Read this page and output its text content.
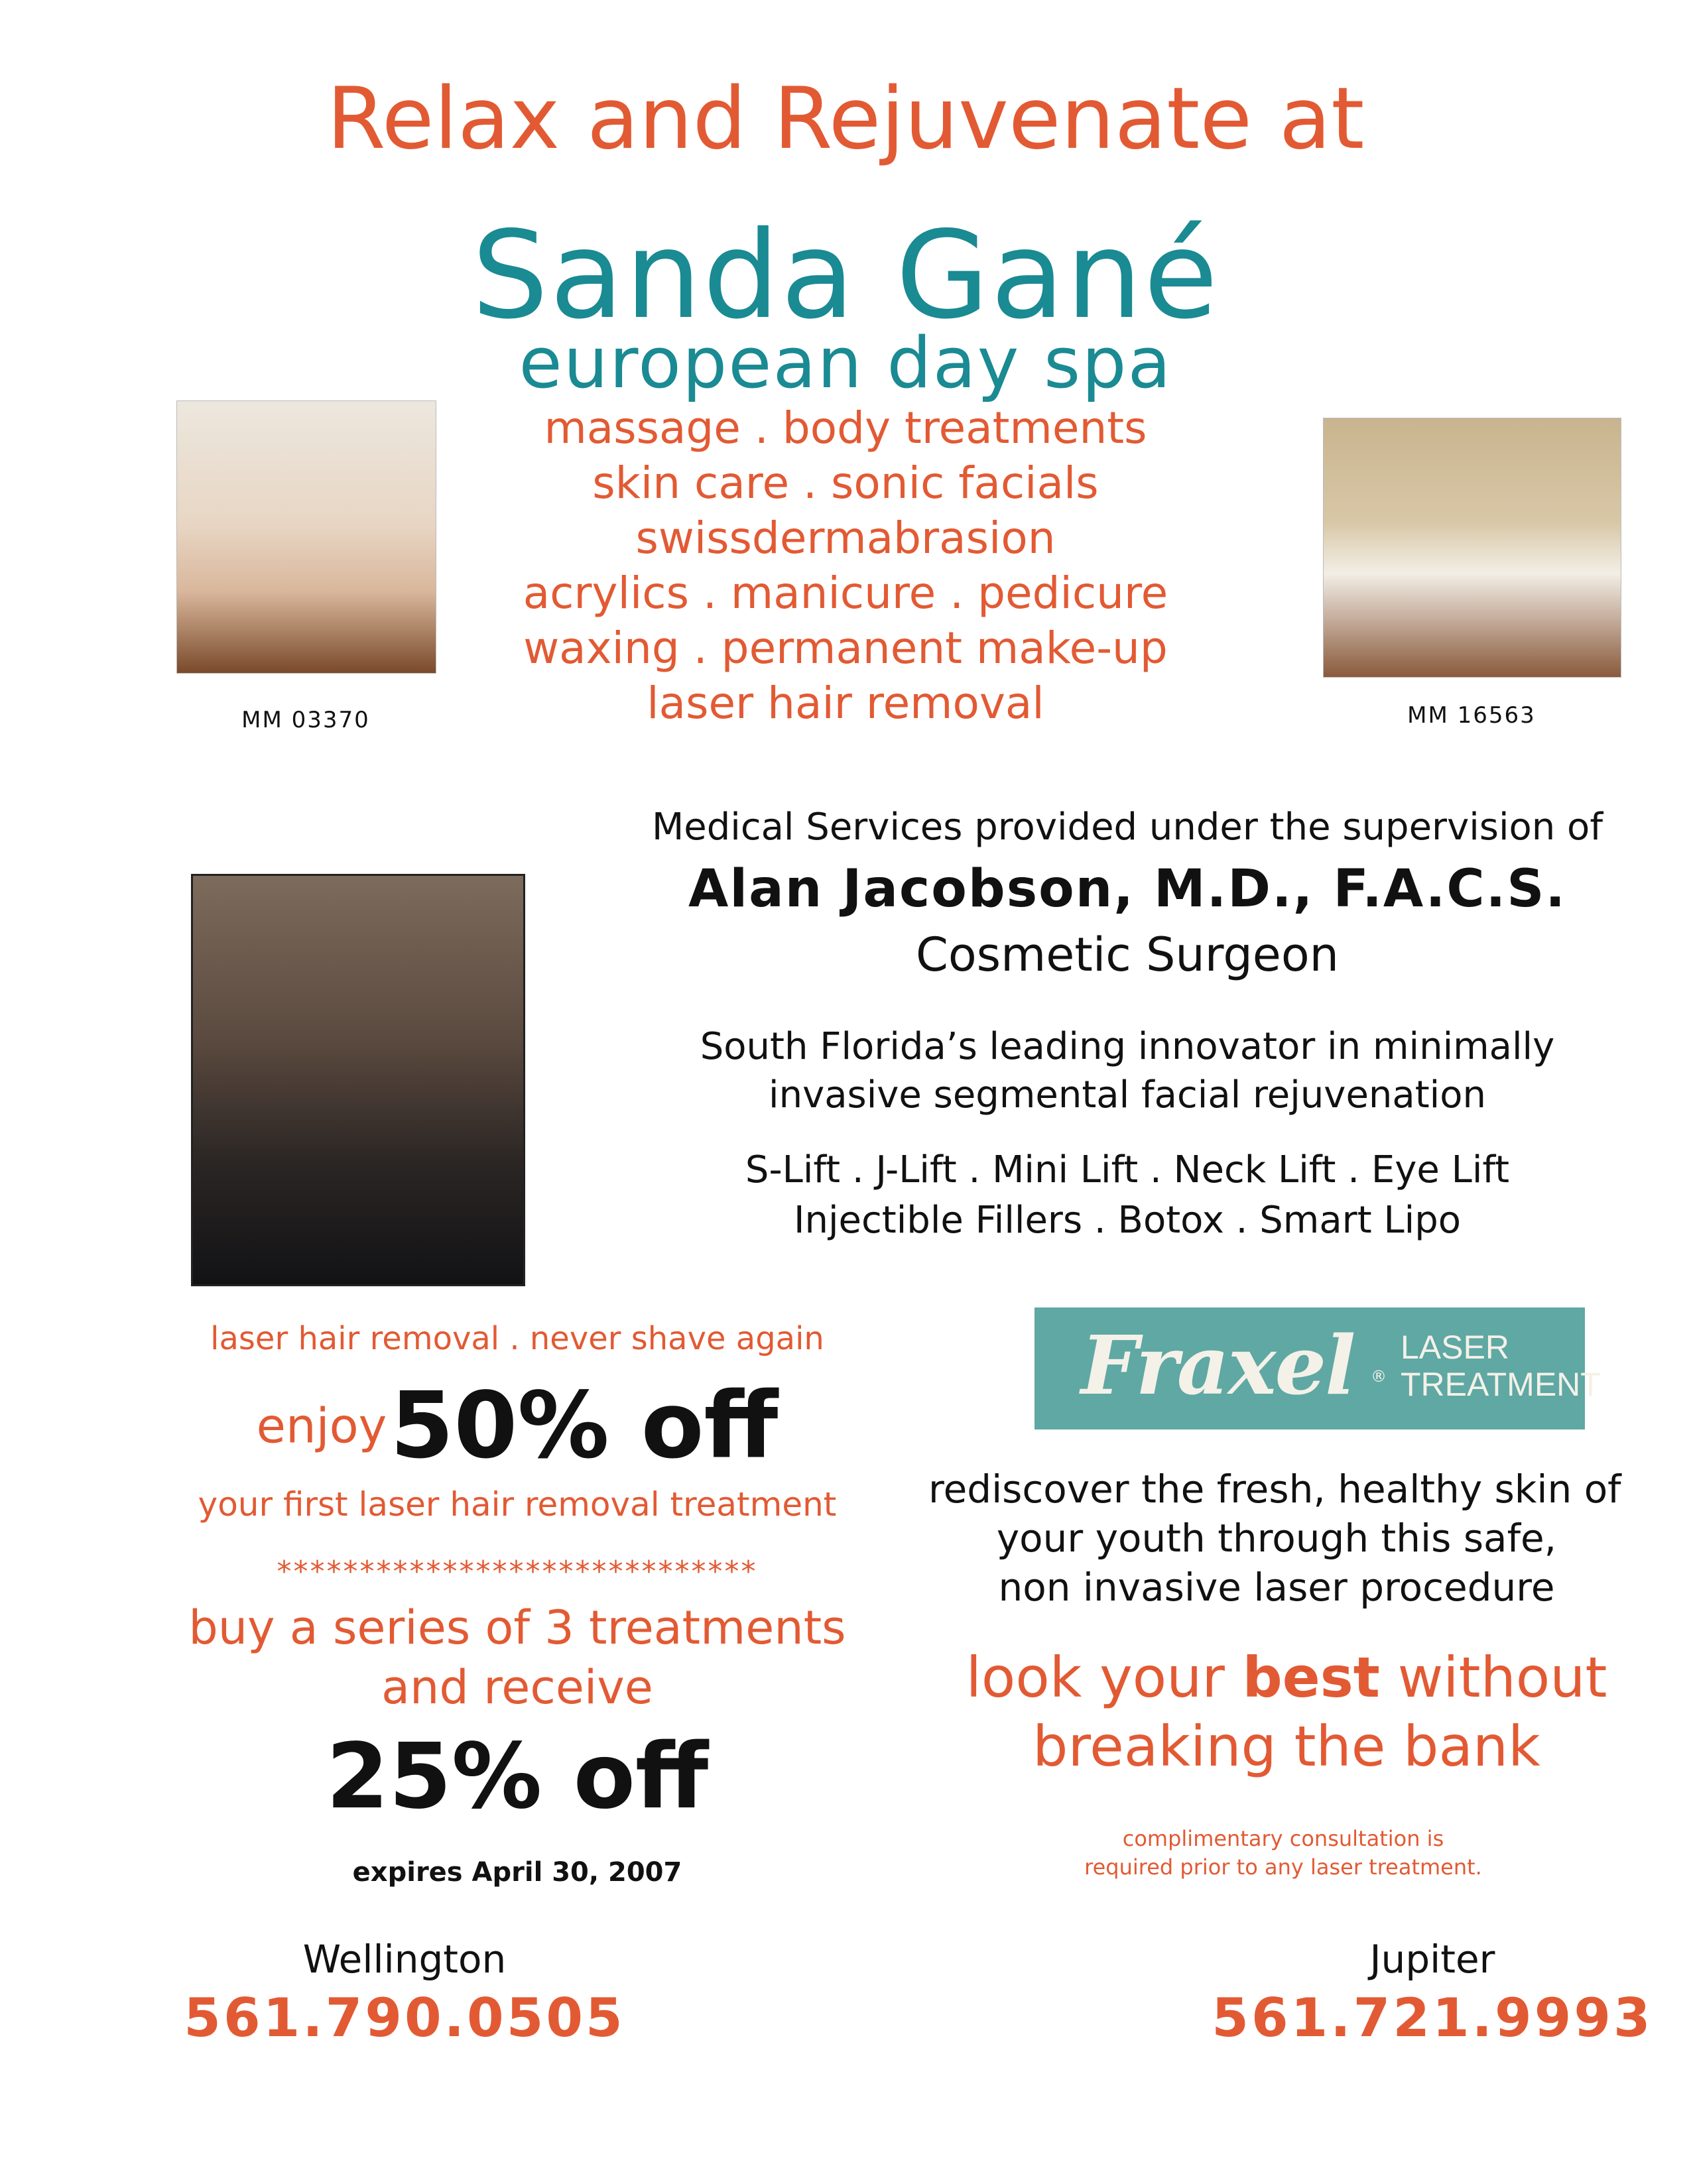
Relax and Rejuvenate at
Sanda Gané
european day spa
MM 03370
massage . body treatments
skin care . sonic facials
swissdermabrasion
acrylics . manicure . pedicure
waxing . permanent make-up
laser hair removal	MM 16563
Medical Services provided under the supervision of
Alan Jacobson, M.D., F.A.C.S.
Cosmetic Surgeon
South Florida’s leading innovator in minimally
invasive segmental facial rejuvenation
S-Lift . J-Lift . Mini Lift . Neck Lift . Eye Lift
Injectible Fillers . Botox . Smart Lipo
laser hair removal . never shave again
enjoy 50% off
your first laser hair removal treatment
*****************************
buy a series of 3 treatments
and receive
25% off
expires April 30, 2007
Fraxel ®
LASER
TREATMENT
rediscover the fresh, healthy skin of
your youth through this safe,
non invasive laser procedure
look your best without
breaking the bank
complimentary consultation is
required prior to any laser treatment.
Wellington
561.790.0505
Jupiter
561.721.9993
